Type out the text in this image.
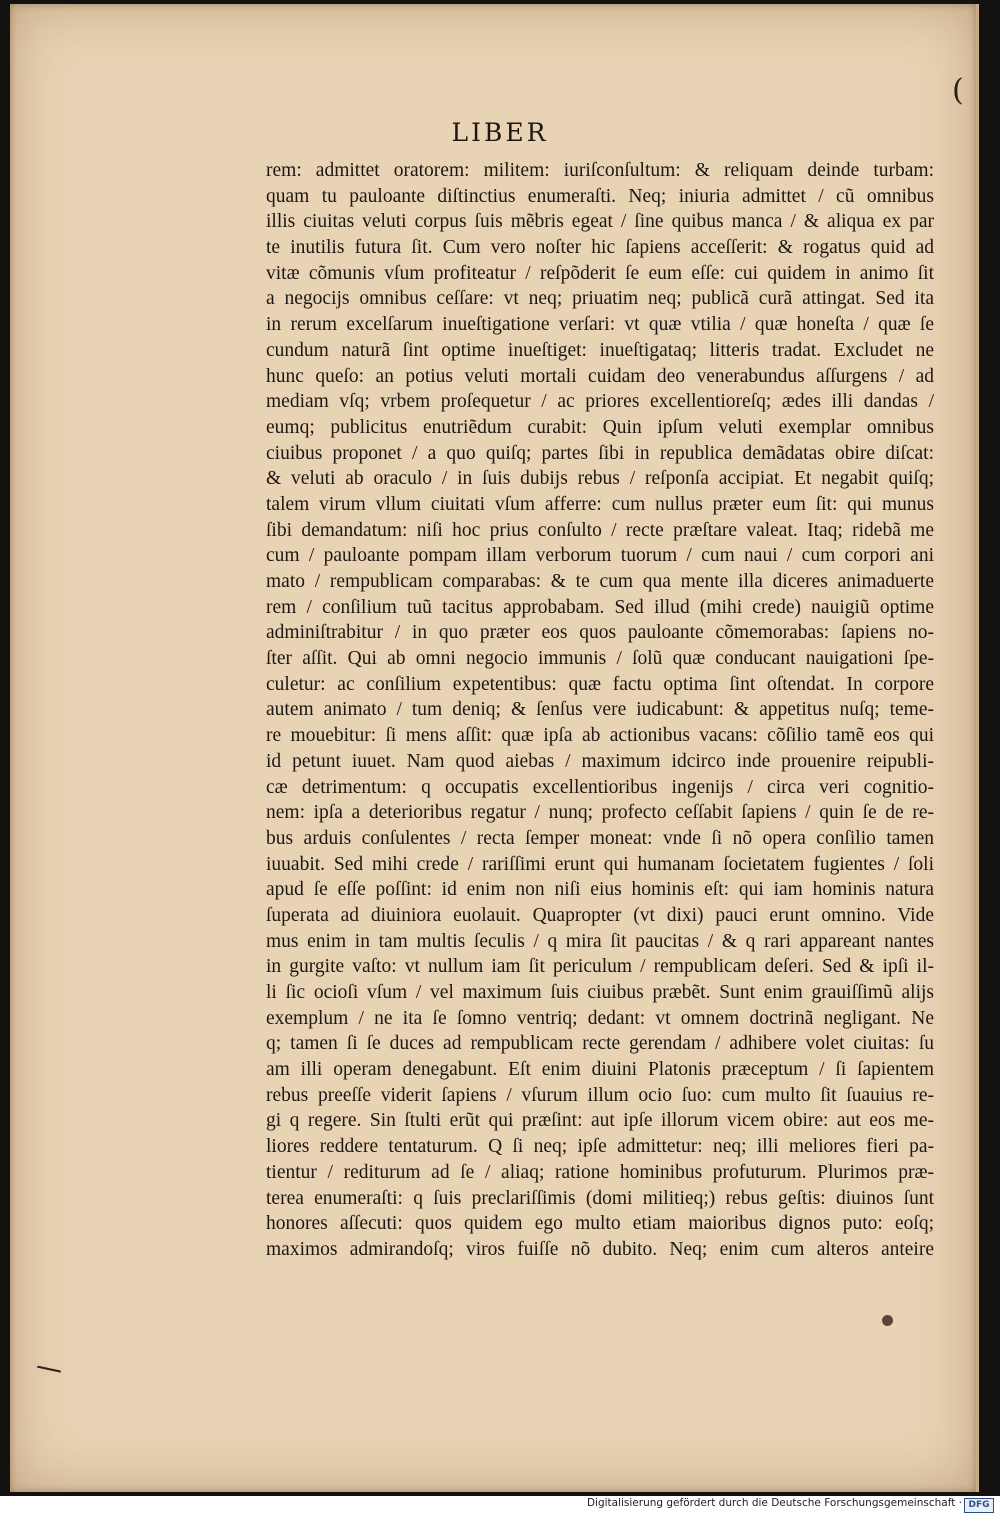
(
LIBER
rem: admittet oratorem: militem: iuriſconſultum: & reliquam deinde turbam:
quam tu pauloante diſtinctius enumeraſti. Neq; iniuria admittet / cũ omnibus
illis ciuitas veluti corpus ſuis mẽbris egeat / ſine quibus manca / & aliqua ex par
te inutilis futura ſit. Cum vero noſter hic ſapiens acceſſerit: & rogatus quid ad
vitæ cõmunis vſum profiteatur / reſpõderit ſe eum eſſe: cui quidem in animo ſit
a negocijs omnibus ceſſare: vt neq; priuatim neq; publicã curã attingat. Sed ita
in rerum excelſarum inueſtigatione verſari: vt quæ vtilia / quæ honeſta / quæ ſe
cundum naturã ſint optime inueſtiget: inueſtigataq; litteris tradat. Excludet ne
hunc queſo: an potius veluti mortali cuidam deo venerabundus aſſurgens / ad
mediam vſq; vrbem proſequetur / ac priores excellentioreſq; ædes illi dandas /
eumq; publicitus enutriẽdum curabit: Quin ipſum veluti exemplar omnibus
ciuibus proponet / a quo quiſq; partes ſibi in republica demãdatas obire diſcat:
& veluti ab oraculo / in ſuis dubijs rebus / reſponſa accipiat. Et negabit quiſq;
talem virum vllum ciuitati vſum afferre: cum nullus præter eum ſit: qui munus
ſibi demandatum: niſi hoc prius conſulto / recte præſtare valeat. Itaq; ridebã me
cum / pauloante pompam illam verborum tuorum / cum naui / cum corpori ani
mato / rempublicam comparabas: & te cum qua mente illa diceres animaduerte
rem / conſilium tuũ tacitus approbabam. Sed illud (mihi crede) nauigiũ optime
adminiſtrabitur / in quo præter eos quos pauloante cõmemorabas: ſapiens no-
ſter aſſit. Qui ab omni negocio immunis / ſolũ quæ conducant nauigationi ſpe-
culetur: ac conſilium expetentibus: quæ factu optima ſint oſtendat. In corpore
autem animato / tum deniq; & ſenſus vere iudicabunt: & appetitus nuſq; teme-
re mouebitur: ſi mens aſſit: quæ ipſa ab actionibus vacans: cõſilio tamẽ eos qui
id petunt iuuet. Nam quod aiebas / maximum idcirco inde prouenire reipubli-
cæ detrimentum: q occupatis excellentioribus ingenijs / circa veri cognitio-
nem: ipſa a deterioribus regatur / nunq; profecto ceſſabit ſapiens / quin ſe de re-
bus arduis conſulentes / recta ſemper moneat: vnde ſi nõ opera conſilio tamen
iuuabit. Sed mihi crede / rariſſimi erunt qui humanam ſocietatem fugientes / ſoli
apud ſe eſſe poſſint: id enim non niſi eius hominis eſt: qui iam hominis natura
ſuperata ad diuiniora euolauit. Quapropter (vt dixi) pauci erunt omnino. Vide
mus enim in tam multis ſeculis / q mira ſit paucitas / & q rari appareant nantes
in gurgite vaſto: vt nullum iam ſit periculum / rempublicam deſeri. Sed & ipſi il-
li ſic ocioſi vſum / vel maximum ſuis ciuibus præbẽt. Sunt enim grauiſſimũ alijs
exemplum / ne ita ſe ſomno ventriq; dedant: vt omnem doctrinã negligant. Ne
q; tamen ſi ſe duces ad rempublicam recte gerendam / adhibere volet ciuitas: ſu
am illi operam denegabunt. Eſt enim diuini Platonis præceptum / ſi ſapientem
rebus preeſſe viderit ſapiens / vſurum illum ocio ſuo: cum multo ſit ſuauius re-
gi q regere. Sin ſtulti erũt qui præſint: aut ipſe illorum vicem obire: aut eos me-
liores reddere tentaturum. Q ſi neq; ipſe admittetur: neq; illi meliores fieri pa-
tientur / rediturum ad ſe / aliaq; ratione hominibus profuturum. Plurimos præ-
terea enumeraſti: q ſuis preclariſſimis (domi militieq;) rebus geſtis: diuinos ſunt
honores aſſecuti: quos quidem ego multo etiam maioribus dignos puto: eoſq;
maximos admirandoſq; viros fuiſſe nõ dubito. Neq; enim cum alteros anteire
Digitalisierung gefördert durch die Deutsche Forschungsgemeinschaft · DFG
